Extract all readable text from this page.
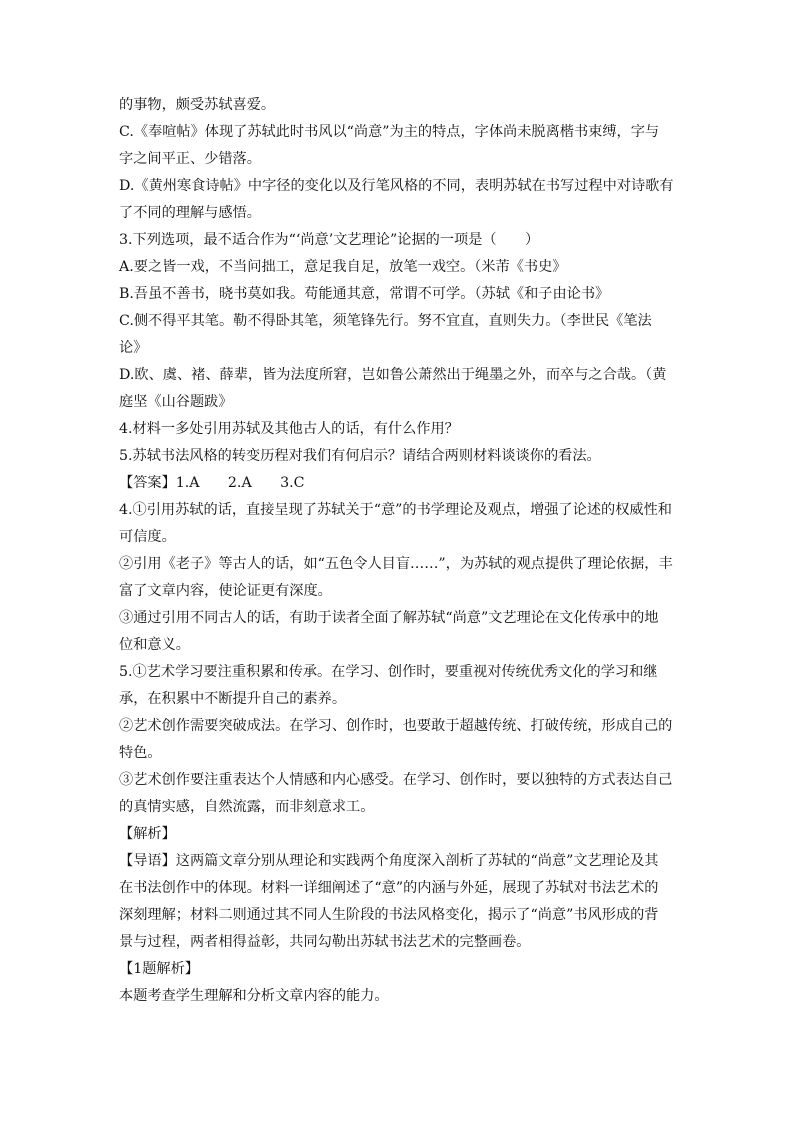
的事物，颇受苏轼喜爱。
C.《奉喧帖》体现了苏轼此时书风以“尚意”为主的特点，字体尚未脱离楷书束缚，字与
字之间平正、少错落。
D.《黄州寒食诗帖》中字径的变化以及行笔风格的不同，表明苏轼在书写过程中对诗歌有
了不同的理解与感悟。
3.下列选项，最不适合作为“‘尚意’文艺理论”论据的一项是（　　）
A.要之皆一戏，不当问拙工，意足我自足，放笔一戏空。（米芾《书史》
B.吾虽不善书，晓书莫如我。苟能通其意，常谓不可学。（苏轼《和子由论书》
C.侧不得平其笔。勒不得卧其笔，须笔锋先行。努不宜直，直则失力。（李世民《笔法
论》
D.欧、虞、褚、薛辈，皆为法度所窘，岂如鲁公萧然出于绳墨之外，而卒与之合哉。（黄
庭坚《山谷题跋》
4.材料一多处引用苏轼及其他古人的话，有什么作用？
5.苏轼书法风格的转变历程对我们有何启示？请结合两则材料谈谈你的看法。
【答案】1.A　　2.A　　3.C
4.①引用苏轼的话，直接呈现了苏轼关于“意”的书学理论及观点，增强了论述的权威性和
可信度。
②引用《老子》等古人的话，如“五色令人目盲……”，为苏轼的观点提供了理论依据，丰
富了文章内容，使论证更有深度。
③通过引用不同古人的话，有助于读者全面了解苏轼“尚意”文艺理论在文化传承中的地
位和意义。
5.①艺术学习要注重积累和传承。在学习、创作时，要重视对传统优秀文化的学习和继
承，在积累中不断提升自己的素养。
②艺术创作需要突破成法。在学习、创作时，也要敢于超越传统、打破传统，形成自己的
特色。
③艺术创作要注重表达个人情感和内心感受。在学习、创作时，要以独特的方式表达自己
的真情实感，自然流露，而非刻意求工。
【解析】
【导语】这两篇文章分别从理论和实践两个角度深入剖析了苏轼的“尚意”文艺理论及其
在书法创作中的体现。材料一详细阐述了“意”的内涵与外延，展现了苏轼对书法艺术的
深刻理解；材料二则通过其不同人生阶段的书法风格变化，揭示了“尚意”书风形成的背
景与过程，两者相得益彰，共同勾勒出苏轼书法艺术的完整画卷。
【1题解析】
本题考查学生理解和分析文章内容的能力。
